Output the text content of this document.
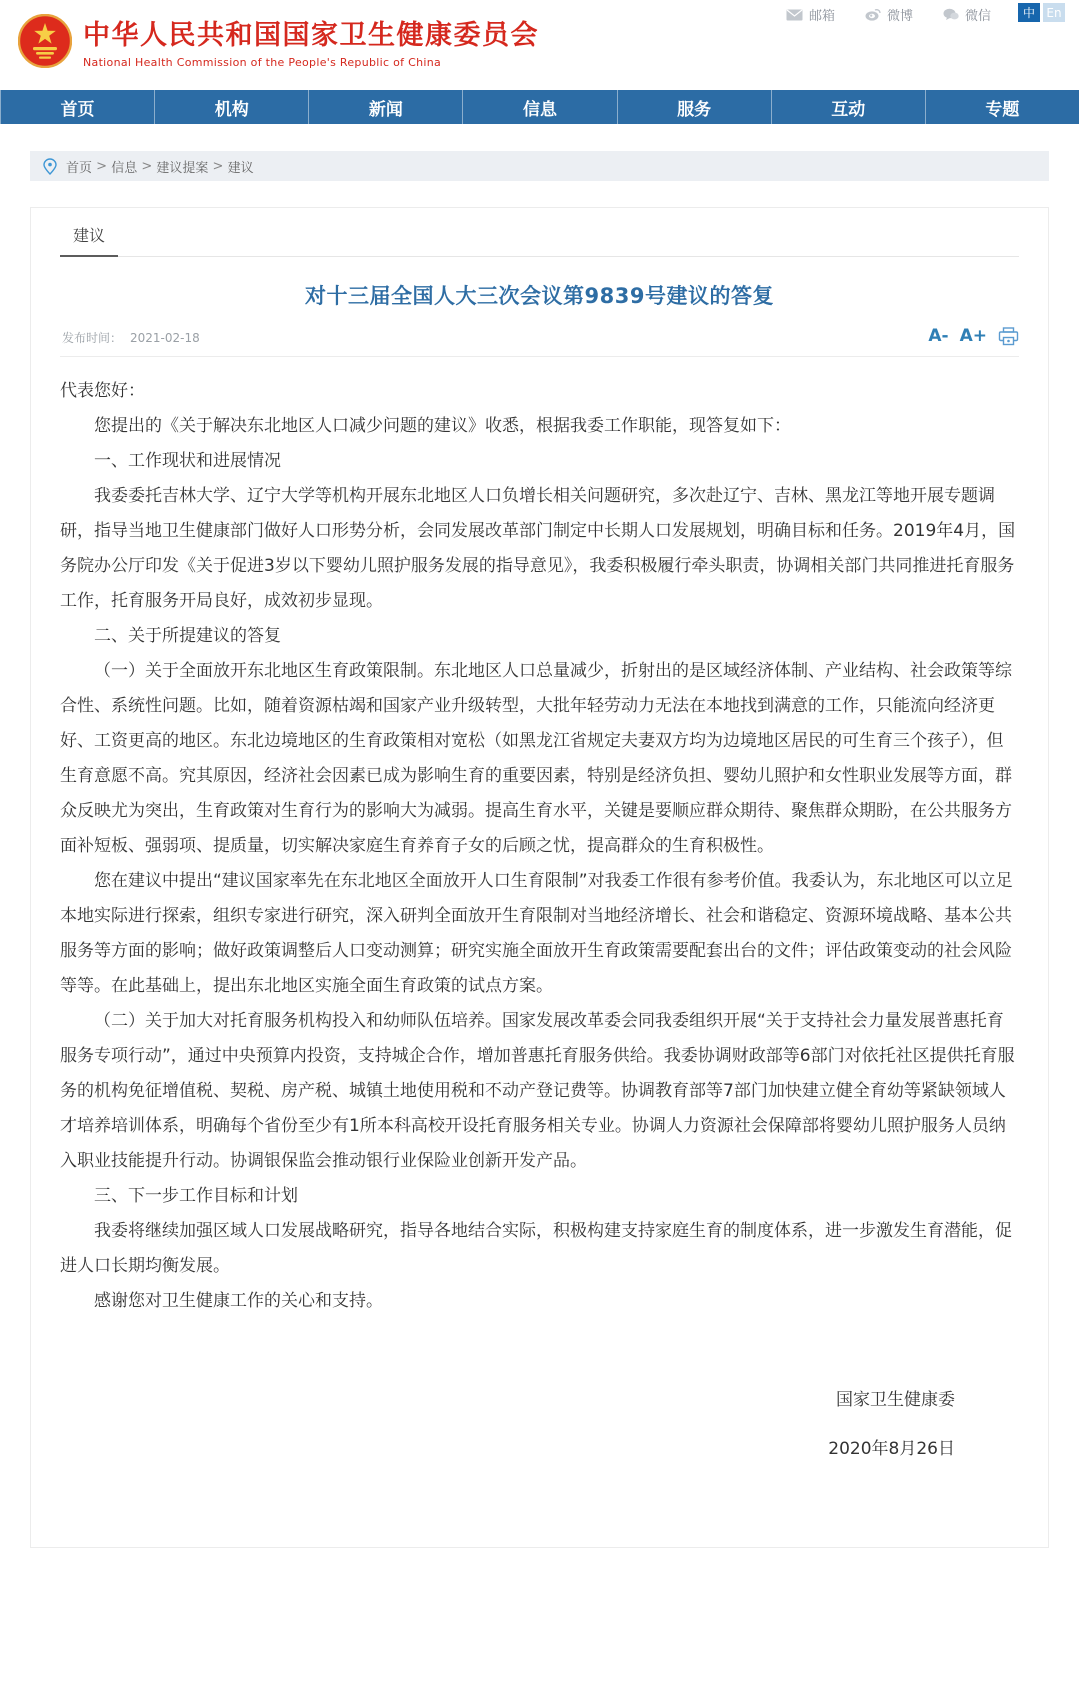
中华人民共和国国家卫生健康委员会
National Health Commission of the People's Republic of China
邮箱	微博	微信	中 En
首页	机构	新闻	信息	服务	互动	专题
首页 > 信息 > 建议提案 > 建议
建议
对十三届全国人大三次会议第9839号建议的答复
发布时间： 2021-02-18	A- A+

代表您好：

您提出的《关于解决东北地区人口减少问题的建议》收悉，根据我委工作职能，现答复如下：

一、工作现状和进展情况

我委委托吉林大学、辽宁大学等机构开展东北地区人口负增长相关问题研究，多次赴辽宁、吉林、黑龙江等地开展专题调研，指导当地卫生健康部门做好人口形势分析，会同发展改革部门制定中长期人口发展规划，明确目标和任务。2019年4月，国务院办公厅印发《关于促进3岁以下婴幼儿照护服务发展的指导意见》，我委积极履行牵头职责，协调相关部门共同推进托育服务工作，托育服务开局良好，成效初步显现。

二、关于所提建议的答复

（一）关于全面放开东北地区生育政策限制。东北地区人口总量减少，折射出的是区域经济体制、产业结构、社会政策等综合性、系统性问题。比如，随着资源枯竭和国家产业升级转型，大批年轻劳动力无法在本地找到满意的工作，只能流向经济更好、工资更高的地区。东北边境地区的生育政策相对宽松（如黑龙江省规定夫妻双方均为边境地区居民的可生育三个孩子），但生育意愿不高。究其原因，经济社会因素已成为影响生育的重要因素，特别是经济负担、婴幼儿照护和女性职业发展等方面，群众反映尤为突出，生育政策对生育行为的影响大为减弱。提高生育水平，关键是要顺应群众期待、聚焦群众期盼，在公共服务方面补短板、强弱项、提质量，切实解决家庭生育养育子女的后顾之忧，提高群众的生育积极性。

您在建议中提出“建议国家率先在东北地区全面放开人口生育限制”对我委工作很有参考价值。我委认为，东北地区可以立足本地实际进行探索，组织专家进行研究，深入研判全面放开生育限制对当地经济增长、社会和谐稳定、资源环境战略、基本公共服务等方面的影响；做好政策调整后人口变动测算；研究实施全面放开生育政策需要配套出台的文件；评估政策变动的社会风险等等。在此基础上，提出东北地区实施全面生育政策的试点方案。

（二）关于加大对托育服务机构投入和幼师队伍培养。国家发展改革委会同我委组织开展“关于支持社会力量发展普惠托育服务专项行动”，通过中央预算内投资，支持城企合作，增加普惠托育服务供给。我委协调财政部等6部门对依托社区提供托育服务的机构免征增值税、契税、房产税、城镇土地使用税和不动产登记费等。协调教育部等7部门加快建立健全育幼等紧缺领域人才培养培训体系，明确每个省份至少有1所本科高校开设托育服务相关专业。协调人力资源社会保障部将婴幼儿照护服务人员纳入职业技能提升行动。协调银保监会推动银行业保险业创新开发产品。

三、下一步工作目标和计划

我委将继续加强区域人口发展战略研究，指导各地结合实际，积极构建支持家庭生育的制度体系，进一步激发生育潜能，促进人口长期均衡发展。

感谢您对卫生健康工作的关心和支持。

国家卫生健康委

2020年8月26日
